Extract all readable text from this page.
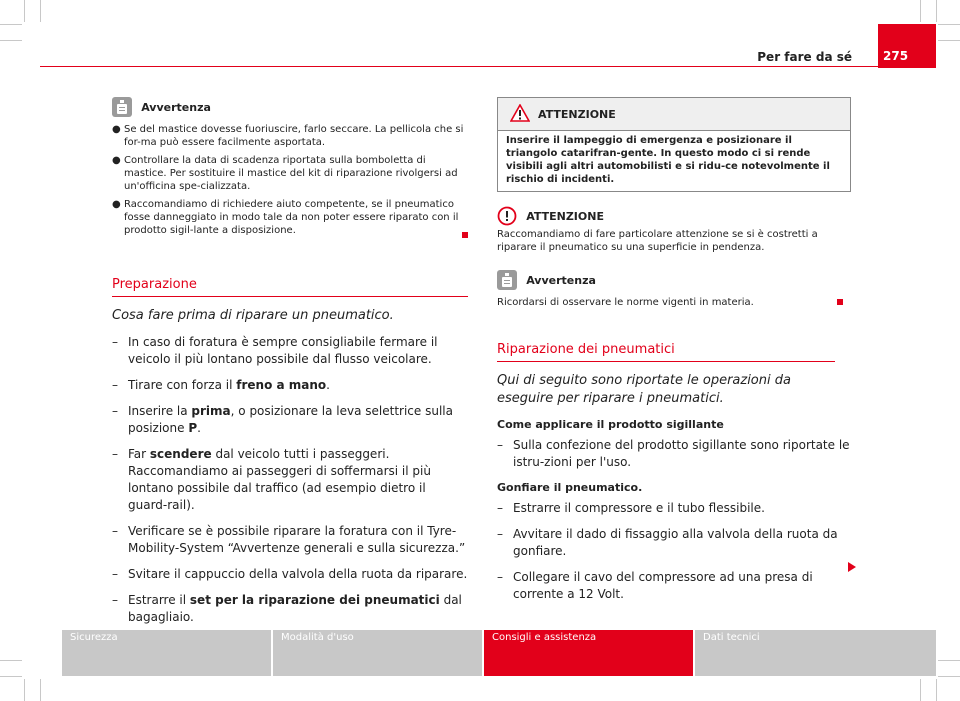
Per fare da sé	275
Avvertenza
● Se del mastice dovesse fuoriuscire, farlo seccare. La pellicola che si for-ma può essere facilmente asportata.

● Controllare la data di scadenza riportata sulla bomboletta di mastice. Per sostituire il mastice del kit di riparazione rivolgersi ad un'officina spe-cializzata.

● Raccomandiamo di richiedere aiuto competente, se il pneumatico fosse danneggiato in modo tale da non poter essere riparato con il prodotto sigil-lante a disposizione.

Preparazione

Cosa fare prima di riparare un pneumatico.

– In caso di foratura è sempre consigliabile fermare il veicolo il più lontano possibile dal flusso veicolare.

– Tirare con forza il freno a mano.

– Inserire la prima, o posizionare la leva selettrice sulla posizione P.

– Far scendere dal veicolo tutti i passeggeri. Raccomandiamo ai passeggeri di soffermarsi il più lontano possibile dal traffico (ad esempio dietro il guard-rail).

– Verificare se è possibile riparare la foratura con il Tyre-Mobility-System “Avvertenze generali e sulla sicurezza.”

– Svitare il cappuccio della valvola della ruota da riparare.

– Estrarre il set per la riparazione dei pneumatici dal bagagliaio.

ATTENZIONE

Inserire il lampeggio di emergenza e posizionare il triangolo catarifran-gente. In questo modo ci si rende visibili agli altri automobilisti e si ridu-ce notevolmente il rischio di incidenti.

ATTENZIONE

Raccomandiamo di fare particolare attenzione se si è costretti a riparare il pneumatico su una superficie in pendenza.

Avvertenza

Ricordarsi di osservare le norme vigenti in materia.

Riparazione dei pneumatici

Qui di seguito sono riportate le operazioni da eseguire per riparare i pneumatici.

Come applicare il prodotto sigillante

– Sulla confezione del prodotto sigillante sono riportate le istru-zioni per l'uso.

Gonfiare il pneumatico.

– Estrarre il compressore e il tubo flessibile.

– Avvitare il dado di fissaggio alla valvola della ruota da gonfiare.

– Collegare il cavo del compressore ad una presa di corrente a 12 Volt.

Sicurezza	Modalità d'uso	Consigli e assistenza	Dati tecnici
